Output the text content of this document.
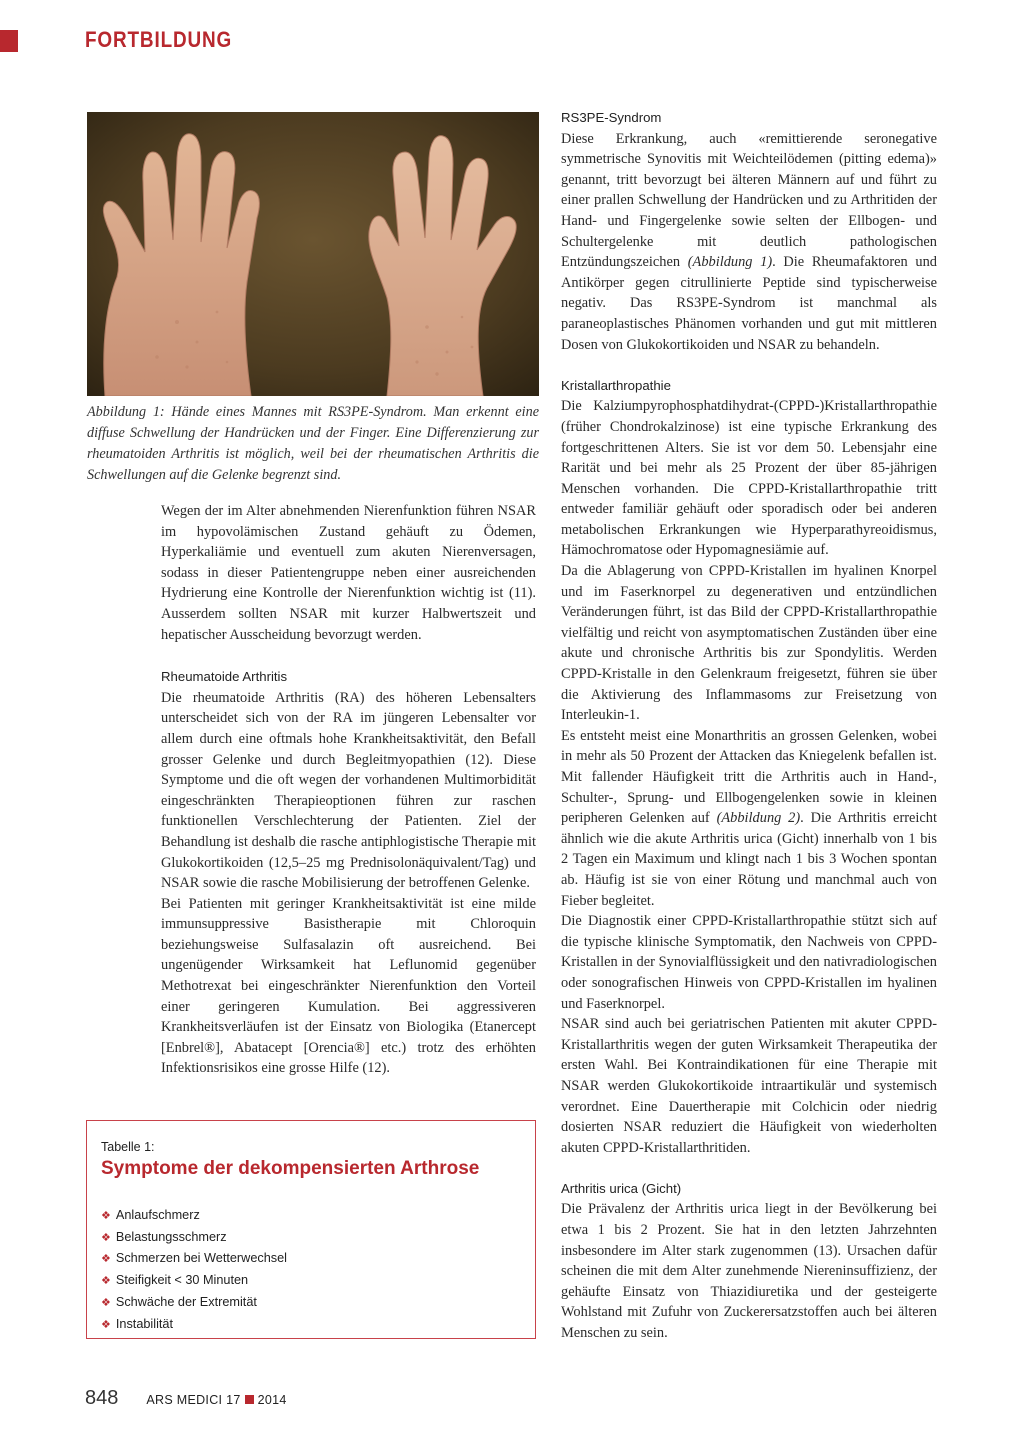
FORTBILDUNG

Abbildung 1: Hände eines Mannes mit RS3PE-Syndrom. Man erkennt eine diffuse Schwellung der Handrücken und der Finger. Eine Differenzierung zur rheumatoiden Arthritis ist möglich, weil bei der rheumatischen Arthritis die Schwellungen auf die Gelenke begrenzt sind.

Wegen der im Alter abnehmenden Nierenfunktion führen NSAR im hypovolämischen Zustand gehäuft zu Ödemen, Hyperkaliämie und eventuell zum akuten Nierenversagen, sodass in dieser Patientengruppe neben einer ausreichenden Hydrierung eine Kontrolle der Nierenfunktion wichtig ist (11). Ausserdem sollten NSAR mit kurzer Halbwertszeit und hepatischer Ausscheidung bevorzugt werden.

Rheumatoide Arthritis

Die rheumatoide Arthritis (RA) des höheren Lebensalters unterscheidet sich von der RA im jüngeren Lebensalter vor allem durch eine oftmals hohe Krankheitsaktivität, den Befall grosser Gelenke und durch Begleitmyopathien (12). Diese Symptome und die oft wegen der vorhandenen Multimorbidität eingeschränkten Therapieoptionen führen zur raschen funktionellen Verschlechterung der Patienten. Ziel der Behandlung ist deshalb die rasche antiphlogistische Therapie mit Glukokortikoiden (12,5–25 mg Prednisolonäquivalent/Tag) und NSAR sowie die rasche Mobilisierung der betroffenen Gelenke.

Bei Patienten mit geringer Krankheitsaktivität ist eine milde immunsuppressive Basistherapie mit Chloroquin beziehungsweise Sulfasalazin oft ausreichend. Bei ungenügender Wirksamkeit hat Leflunomid gegenüber Methotrexat bei eingeschränkter Nierenfunktion den Vorteil einer geringeren Kumulation. Bei aggressiveren Krankheitsverläufen ist der Einsatz von Biologika (Etanercept [Enbrel®], Abatacept [Orencia®] etc.) trotz des erhöhten Infektionsrisikos eine grosse Hilfe (12).

Tabelle 1:

Symptome der dekompensierten Arthrose
❖ Anlaufschmerz
❖ Belastungsschmerz
❖ Schmerzen bei Wetterwechsel
❖ Steifigkeit < 30 Minuten
❖ Schwäche der Extremität
❖ Instabilität
RS3PE-Syndrom

Diese Erkrankung, auch «remittierende seronegative symmetrische Synovitis mit Weichteilödemen (pitting edema)» genannt, tritt bevorzugt bei älteren Männern auf und führt zu einer prallen Schwellung der Handrücken und zu Arthritiden der Hand- und Fingergelenke sowie selten der Ellbogen- und Schultergelenke mit deutlich pathologischen Entzündungszeichen (Abbildung 1). Die Rheumafaktoren und Antikörper gegen citrullinierte Peptide sind typischerweise negativ. Das RS3PE-Syndrom ist manchmal als paraneoplastisches Phänomen vorhanden und gut mit mittleren Dosen von Glukokortikoiden und NSAR zu behandeln.

Kristallarthropathie

Die Kalziumpyrophosphatdihydrat-(CPPD-)Kristallarthropathie (früher Chondrokalzinose) ist eine typische Erkrankung des fortgeschrittenen Alters. Sie ist vor dem 50. Lebensjahr eine Rarität und bei mehr als 25 Prozent der über 85-jährigen Menschen vorhanden. Die CPPD-Kristallarthropathie tritt entweder familiär gehäuft oder sporadisch oder bei anderen metabolischen Erkrankungen wie Hyperparathyreoidismus, Hämochromatose oder Hypomagnesiämie auf.

Da die Ablagerung von CPPD-Kristallen im hyalinen Knorpel und im Faserknorpel zu degenerativen und entzündlichen Veränderungen führt, ist das Bild der CPPD-Kristallarthropathie vielfältig und reicht von asymptomatischen Zuständen über eine akute und chronische Arthritis bis zur Spondylitis. Werden CPPD-Kristalle in den Gelenkraum freigesetzt, führen sie über die Aktivierung des Inflammasoms zur Freisetzung von Interleukin-1.

Es entsteht meist eine Monarthritis an grossen Gelenken, wobei in mehr als 50 Prozent der Attacken das Kniegelenk befallen ist. Mit fallender Häufigkeit tritt die Arthritis auch in Hand-, Schulter-, Sprung- und Ellbogengelenken sowie in kleinen peripheren Gelenken auf (Abbildung 2). Die Arthritis erreicht ähnlich wie die akute Arthritis urica (Gicht) innerhalb von 1 bis 2 Tagen ein Maximum und klingt nach 1 bis 3 Wochen spontan ab. Häufig ist sie von einer Rötung und manchmal auch von Fieber begleitet.

Die Diagnostik einer CPPD-Kristallarthropathie stützt sich auf die typische klinische Symptomatik, den Nachweis von CPPD-Kristallen in der Synovialflüssigkeit und den nativradiologischen oder sonografischen Hinweis von CPPD-Kristallen im hyalinen und Faserknorpel.

NSAR sind auch bei geriatrischen Patienten mit akuter CPPD-Kristallarthritis wegen der guten Wirksamkeit Therapeutika der ersten Wahl. Bei Kontraindikationen für eine Therapie mit NSAR werden Glukokortikoide intraartikulär und systemisch verordnet. Eine Dauertherapie mit Colchicin oder niedrig dosierten NSAR reduziert die Häufigkeit von wiederholten akuten CPPD-Kristallarthritiden.

Arthritis urica (Gicht)

Die Prävalenz der Arthritis urica liegt in der Bevölkerung bei etwa 1 bis 2 Prozent. Sie hat in den letzten Jahrzehnten insbesondere im Alter stark zugenommen (13). Ursachen dafür scheinen die mit dem Alter zunehmende Niereninsuffizienz, der gehäufte Einsatz von Thiazidiuretika und der gesteigerte Wohlstand mit Zufuhr von Zuckerersatzstoffen auch bei älteren Menschen zu sein.

848 ARS MEDICI 17 2014
